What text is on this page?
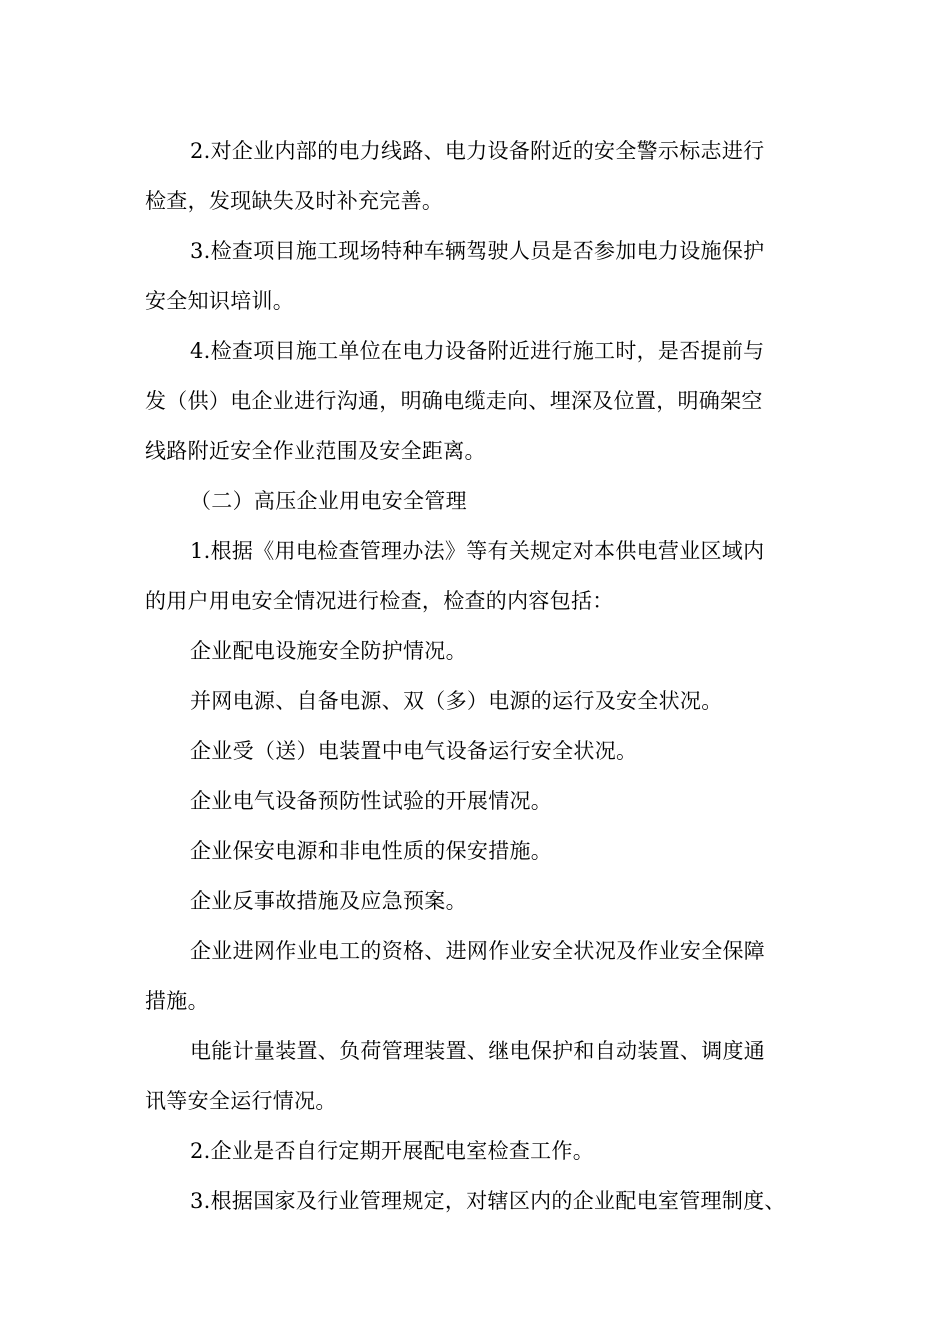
2.对企业内部的电力线路、电力设备附近的安全警示标志进行
检查，发现缺失及时补充完善。
3.检查项目施工现场特种车辆驾驶人员是否参加电力设施保护
安全知识培训。
4.检查项目施工单位在电力设备附近进行施工时，是否提前与
发（供）电企业进行沟通，明确电缆走向、埋深及位置，明确架空
线路附近安全作业范围及安全距离。
（二）高压企业用电安全管理
1.根据《用电检查管理办法》等有关规定对本供电营业区域内
的用户用电安全情况进行检查，检查的内容包括：
企业配电设施安全防护情况。
并网电源、自备电源、双（多）电源的运行及安全状况。
企业受（送）电装置中电气设备运行安全状况。
企业电气设备预防性试验的开展情况。
企业保安电源和非电性质的保安措施。
企业反事故措施及应急预案。
企业进网作业电工的资格、进网作业安全状况及作业安全保障
措施。
电能计量装置、负荷管理装置、继电保护和自动装置、调度通
讯等安全运行情况。
2.企业是否自行定期开展配电室检查工作。
3.根据国家及行业管理规定，对辖区内的企业配电室管理制度、
